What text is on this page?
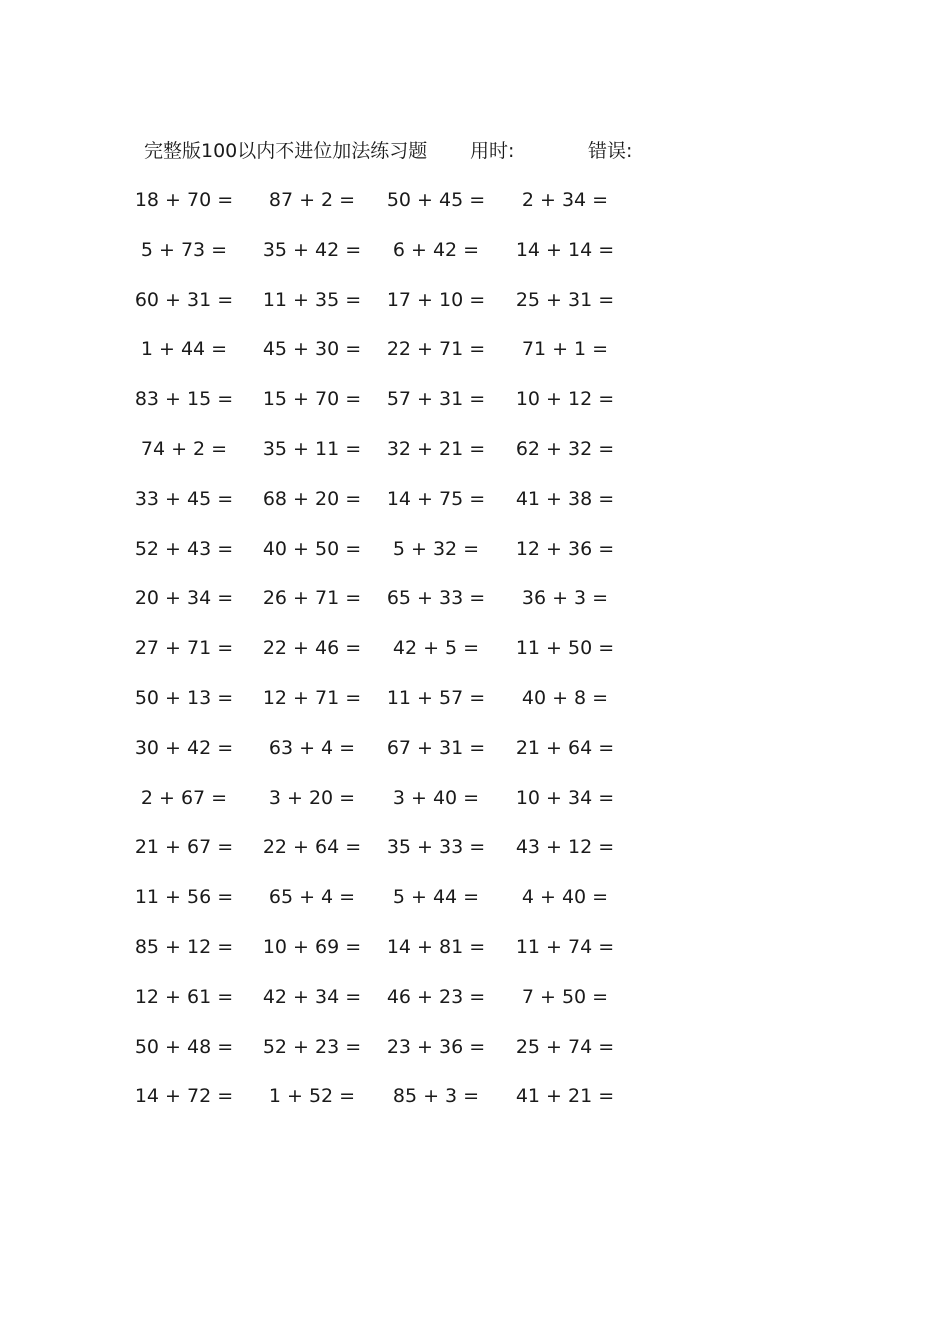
完整版100以内不进位加法练习题 用时:	错误:
18 + 70 =	87 + 2 =	50 + 45 =	2 + 34 =
5 + 73 =	35 + 42 =	6 + 42 =	14 + 14 =
60 + 31 =	11 + 35 =	17 + 10 =	25 + 31 =
1 + 44 =	45 + 30 =	22 + 71 =	71 + 1 =
83 + 15 =	15 + 70 =	57 + 31 =	10 + 12 =
74 + 2 =	35 + 11 =	32 + 21 =	62 + 32 =
33 + 45 =	68 + 20 =	14 + 75 =	41 + 38 =
52 + 43 =	40 + 50 =	5 + 32 =	12 + 36 =
20 + 34 =	26 + 71 =	65 + 33 =	36 + 3 =
27 + 71 =	22 + 46 =	42 + 5 =	11 + 50 =
50 + 13 =	12 + 71 =	11 + 57 =	40 + 8 =
30 + 42 =	63 + 4 =	67 + 31 =	21 + 64 =
2 + 67 =	3 + 20 =	3 + 40 =	10 + 34 =
21 + 67 =	22 + 64 =	35 + 33 =	43 + 12 =
11 + 56 =	65 + 4 =	5 + 44 =	4 + 40 =
85 + 12 =	10 + 69 =	14 + 81 =	11 + 74 =
12 + 61 =	42 + 34 =	46 + 23 =	7 + 50 =
50 + 48 =	52 + 23 =	23 + 36 =	25 + 74 =
14 + 72 =	1 + 52 =	85 + 3 =	41 + 21 =
